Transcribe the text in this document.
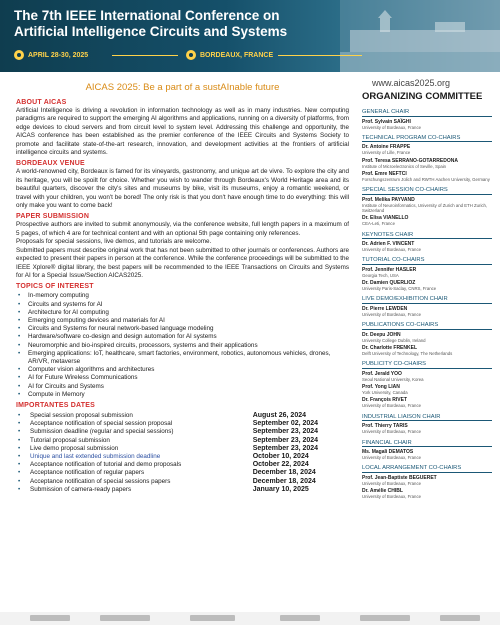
The 7th IEEE International Conference on
Artificial Intelligence Circuits and Systems
APRIL 28-30, 2025	BORDEAUX, FRANCE
AICAS 2025: Be a part of a sustAInable future
ABOUT AICAS

Artificial Intelligence is driving a revolution in information technology as well as in many industries. New computing paradigms are required to support the emerging AI algorithms and applications, running on a diversity of platforms, from edge devices to cloud servers and from circuit level to system level. Addressing this challenge and opportunity, the AICAS conference has been established as the premier conference of the IEEE Circuits and Systems Society to promote and facilitate state-of-the-art research, innovation, and development activities at the frontiers of artificial intelligence circuits and systems.

BORDEAUX VENUE

A world-renowned city, Bordeaux is famed for its vineyards, gastronomy, and unique art de vivre. To explore the city and its heritage, you will be spoilt for choice. Whether you wish to wander through Bordeaux's World Heritage area and its beautiful quarters, discover the city's sites and museums by bike, visit its museums, enjoy a romantic weekend, or travel with your children, you won't be bored! The only risk is that you don't have enough time to do everything: this will only make you want to come back!

PAPER SUBMISSION

Prospective authors are invited to submit anonymously, via the conference website, full length papers in a maximum of 5 pages, of which 4 are for technical content and with an optional 5th page containing only references.

Proposals for special sessions, live demos, and tutorials are welcome.

Submitted papers must describe original work that has not been submitted to other journals or conferences. Authors are expected to present their papers in person at the conference. While the conference proceedings will be submitted to the IEEE Xplore® digital library, the best papers will be recommended to the IEEE Transactions on Circuits and Systems for AI for a Special Issue/Section AICAS2025.

TOPICS OF INTEREST
• In-memory computing
• Circuits and systems for AI
• Architecture for AI computing
• Emerging computing devices and materials for AI
• Circuits and Systems for neural network-based language modeling
• Hardware/software co-design and design automation for AI systems
• Neuromorphic and bio-inspired circuits, processors, systems and their applications
• Emerging applications: IoT, healthcare, smart factories, environment, robotics, autonomous vehicles, drones, AR/VR, metaverse
• Computer vision algorithms and architectures
• AI for Future Wireless Communications
• AI for Circuits and Systems
• Compute in Memory
IMPORTANTES DATES
•	Special session proposal submission	August 26, 2024
•	Acceptance notification of special session proposal	September 02, 2024
•	Submission deadline (regular and special sessions)	September 23, 2024
•	Tutorial proposal submission	September 23, 2024
•	Live demo proposal submission	September 23, 2024
•	Unique and last extended submission deadline	October 10, 2024
•	Acceptance notification of tutorial and demo proposals	October 22, 2024
•	Acceptance notification of regular papers	December 18, 2024
•	Acceptance notification of special sessions papers	December 18, 2024
•	Submission of camera-ready papers	January 10, 2025
www.aicas2025.org
ORGANIZING COMMITTEE
GENERAL CHAIR
Prof. Sylvain SAÏGHI
University of Bordeaux, France
TECHNICAL PROGRAM CO-CHAIRS
Dr. Antoine FRAPPE
University of Lille, France
Prof. Teresa SERRANO-GOTARREDONA
Institute of Microelectronics of Seville, Spain
Prof. Emre NEFTCI
Forschungszentrum Jülich and RWTH Aachen University, Germany
SPECIAL SESSION CO-CHAIRS
Prof. Melika PAYVAND
Institute of Neuroinformatics, University of Zurich and ETH Zurich, Switzerland
Dr. Elisa VIANELLO
CEA-Leti, France
KEYNOTES CHAIR
Dr. Adrien F. VINCENT
University of Bordeaux, France
TUTORIAL CO-CHAIRS
Prof. Jennifer HASLER
Georgia Tech, USA
Dr. Damien QUERLIOZ
University Paris-Saclay, CNRS, France
LIVE DEMO/EXHIBITION CHAIR
Dr. Pierre LEWDEN
University of Bordeaux, France
PUBLICATIONS CO-CHAIRS
Dr. Deepu JOHN
University College Dublin, Ireland
Dr. Charlotte FRENKEL
Delft University of Technology, The Netherlands
PUBLICITY CO-CHAIRS
Prof. Jerald YOO
Seoul National University, Korea
Prof. Yong LIAN
York University, Canada
Dr. François RIVET
University of Bordeaux, France
INDUSTRIAL LIAISON CHAIR
Prof. Thierry TARIS
University of Bordeaux, France
FINANCIAL CHAIR
Ms. Magali DEMATOS
University of Bordeaux, France
LOCAL ARRANGEMENT CO-CHAIRS
Prof. Jean-Baptiste BEGUERET
University of Bordeaux, France
Dr. Amélie CHIBL
University of Bordeaux, France
